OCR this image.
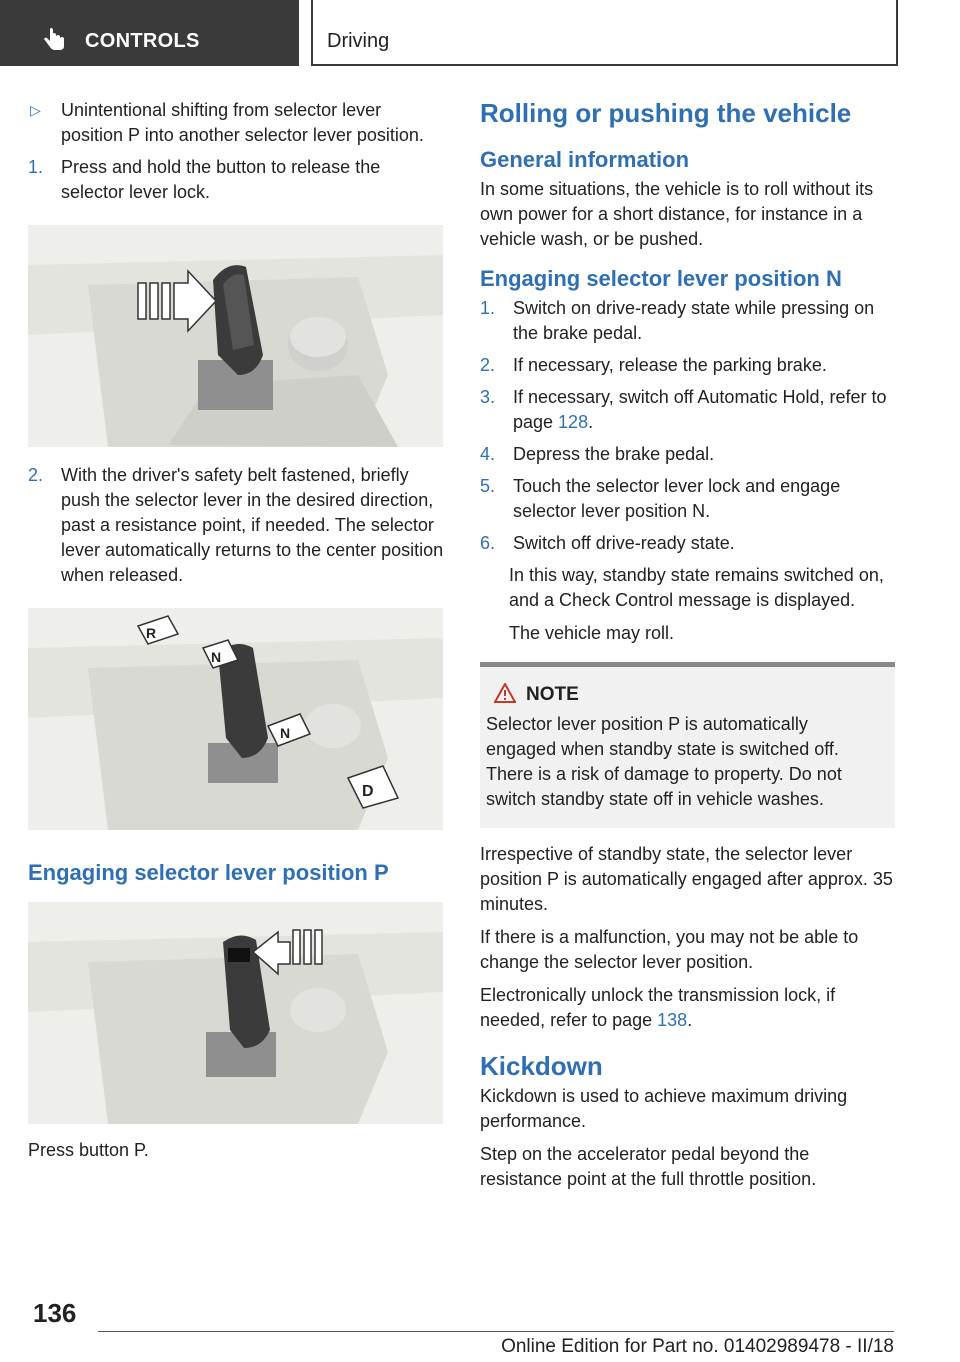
CONTROLS	Driving
▷ Unintentional shifting from selector lever position P into another selector lever position.
1. Press and hold the button to release the selector lever lock.
2. With the driver's safety belt fastened, briefly push the selector lever in the desired direction, past a resistance point, if needed. The selector lever automatically returns to the center position when released.
R
N
N
D
Engaging selector lever position P

Press button P.

Rolling or pushing the vehicle
General information

In some situations, the vehicle is to roll without its own power for a short distance, for instance in a vehicle wash, or be pushed.

Engaging selector lever position N
1. Switch on drive-ready state while pressing on the brake pedal.
2. If necessary, release the parking brake.
3. If necessary, switch off Automatic Hold, refer to page 128.
4. Depress the brake pedal.
5. Touch the selector lever lock and engage selector lever position N.
6. Switch off drive-ready state.

In this way, standby state remains switched on, and a Check Control message is displayed.

The vehicle may roll.

NOTE
Selector lever position P is automatically engaged when standby state is switched off. There is a risk of damage to property. Do not switch standby state off in vehicle washes.

Irrespective of standby state, the selector lever position P is automatically engaged after approx. 35 minutes.

If there is a malfunction, you may not be able to change the selector lever position.

Electronically unlock the transmission lock, if needed, refer to page 138.

Kickdown

Kickdown is used to achieve maximum driving performance.

Step on the accelerator pedal beyond the resistance point at the full throttle position.

136
Online Edition for Part no. 01402989478 - II/18
